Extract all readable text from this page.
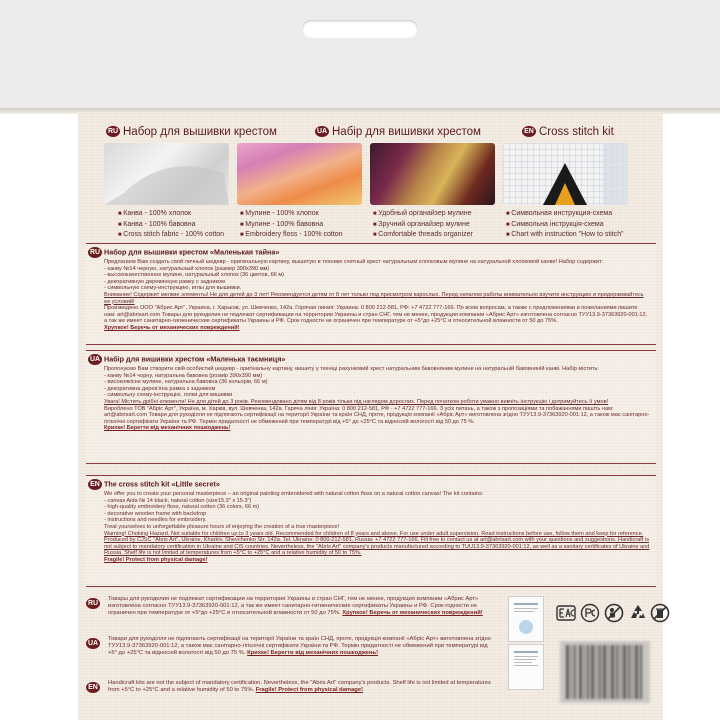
RU Набор для вышивки крестом	UA Набір для вишивки хрестом	EN Cross stitch kit
■ Канва - 100% хлопок
■ Канва - 100% бавовна
■ Cross stitch fabric - 100% cotton
■ Мулине - 100% хлопок
■ Мулине - 100% бавовна
■ Embroidery floss - 100% cotton
■ Удобный органайзер мулине
■ Зручний органайзер мулине
■ Comfortable threads organizer
■ Символьная инструкция-схема
■ Символьна інструкція-схема
■ Chart with instruction "How to stitch"
RU Набор для вышивки крестом «Маленькая тайна»

Предлагаем Вам создать свой личный шедевр - оригинальную картину, вышитую в технике счетный крест натуральным хлопковым мулине на натуральной хлопковой канве! Набор содержит:

- канву №14 черную, натуральный хлопок (размер 390х390 мм)

- высококачественное мулине, натуральный хлопок (36 цветов, 66 м)

- декоративную деревянную рамку с задником

- символьную схему-инструкцию, иглы для вышивки.

Внимание! Содержит мелкие элементы! Не для детей до 3 лет! Рекомендуется детям от 8 лет только под присмотром взрослых. Перед началом работы внимательно изучите инструкцию и придерживайтесь ее условий!

Произведено ООО "Абрис Арт", Украина, г. Харьков, ул. Шевченко, 142а. Горячая линия: Украина: 0 800 212-581, РФ: +7 4722 777-166. По всем вопросам, а также с предложениями и пожеланиями пишите нам: art@abrisart.com Товары для рукоделия не подлежат сертификации на территории Украины и стран СНГ, тем не менее, продукция компании «Абрис Арт» изготовлена согласно ТУУ13.9-37363920-001:12, а так же имеет санитарно-гигиенические сертификаты Украины и РФ. Срок годности не ограничен при температуре от +5°до +25°С и относительной влажности от 50 до 75%.

Хрупкое! Беречь от механических повреждений!

UA Набір для вишивки хрестом «Маленька таємниця»

Пропонуємо Вам створити свій особистий шедевр - оригінальну картину, вишиту у техніці рахунковий хрест натуральним бавовняним мулине на натуральній бавовняній канві. Набір містить:

- канву №14 чорну, натуральна бавовна (розмір 390х390 мм)

- високоякісне мулине, натуральна бавовна (36 кольорів, 66 м)

- декоративна дерев'яна рамка з задником

- символьну схему-інструкцію, голки для вишивки

Увага! Містить дрібні елементи! Не для дітей до 3 років. Рекомендовано дітям від 8 років тільки під наглядом дорослих. Перед початком роботи уважно вивчіть інструкцію і дотримуйтесь її умов!

Вироблено ТОВ "Абріс Арт", Україна, м. Харків, вул. Шевченка, 142а. Гаряча лінія: Україна: 0 800 212-581, РФ - +7 4722 777-166. З усіх питань, а також з пропозиціями та побажаннями пишіть нам: art@abrisart.com Товари для рукоділля не підлягають сертифікації на території України та країн СНД, проте, продукція компанії «Абріс Арт» виготовлена згідно ТУУ13.9-37363920-001:12, а також має санітарно-гігієнічні сертифікати України та РФ. Термін придатності не обмежений при температурі від +5° до +25°С та відносній вологості від 50 до 75 %.

Крихке! Берегти від механічних пошкоджень!

EN The cross stitch kit «Little secret»

We offer you to create your personal masterpiece – an original painting embroidered with natural cotton floss on a natural cotton canvas! The kit contains:

- canvas Aida № 14 black, natural cotton (size15.3" x 15.3")

- high-quality embroidery floss, natural cotton (36 colors, 66 m)

- decorative wooden frame with backdrop

- instructions and needles for embroidery.

Treat yourselves to unforgettable pleasure hours of enjoying the creation of a true masterpiece!

Warning! Choking Hazard. Not suitable for children up to 3 years old. Recommended for children of 8 years and above. For use under adult supervision. Read instructions before use, follow them and keep for reference.

Produced by CJSC "Abris Art", Ukraine, Kharkiv, Shevchenko Str. 142a. Tel. Ukraine: 0 800-212-581, Russia: +7 4722 777-166. Fill free to contact us at art@abrisart.com with your questions and suggestions. Handicraft is not subject to mandatory certification in Ukraine and CIS countries. Nevertheless, the "Abris Art" company's products manufactured according to TUU13.9-37363920-001:12, as well as a sanitary certificates of Ukraine and Russia. Shelf life is not limited at temperatures from +5°C to +25°C and a relative humidity of 50 to 75%.

Fragile! Protect from physical damage!

RU
Товары для рукоделия не подлежат сертификации на территории Украины и стран СНГ, тем не менее, продукция компании «Абрис Арт» изготовлена согласно ТУУ13.9-37363920-001:12, а так же имеет санитарно-гигиенические сертификаты Украины и РФ. Срок годности не ограничен при температуре от +5°до +25°С и относительной влажности от 50 до 75%. Хрупкое! Беречь от механических повреждений!
UA
Товари для рукоділля не підлягають сертифікації на території України та країн СНД, проте, продукція компанії «Абріс Арт» виготовлена згідно ТУУ13.9-37363920-001:12, а також має санітарно-гігієнічні сертифікати України та РФ. Термін придатності не обмежений при температурі від +5° до +25°С та відносній вологості від 50 до 75 %. Крихке! Берегти від механічних пошкоджень!
EN
Handicraft kits are not the subject of mandatory certification. Nevertheless, the "Abris Art" company's products. Shelf life is not limited at temperatures from +5°C to +25°C and a relative humidity of 50 to 75%. Fragile! Protect from physical damage!
